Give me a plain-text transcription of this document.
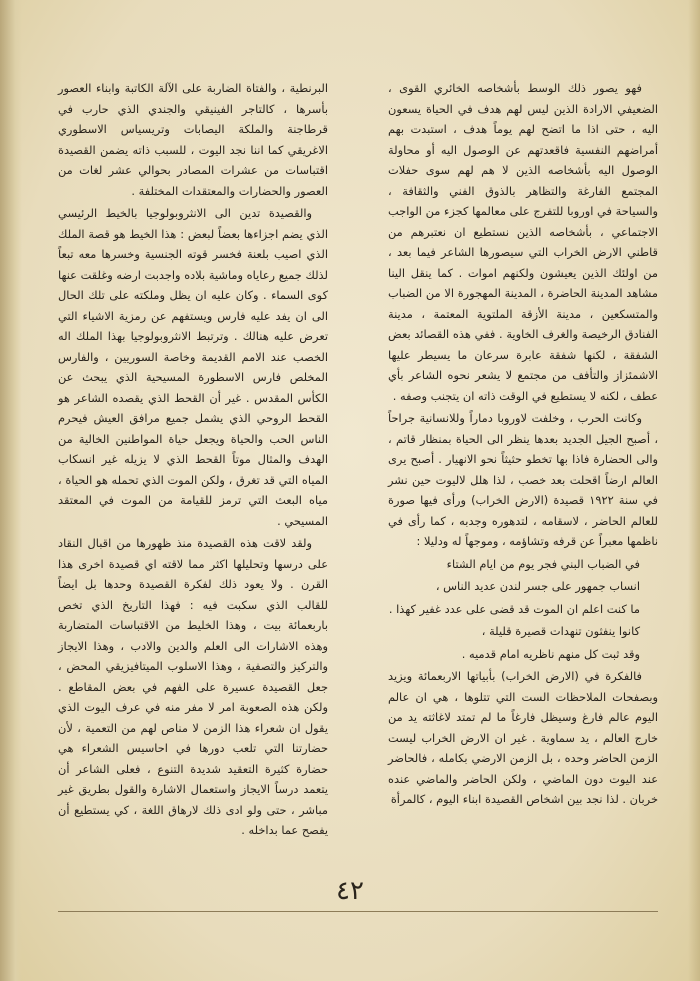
فهو يصور ذلك الوسط بأشخاصه الخائري القوى ، الضعيفي الارادة الذين ليس لهم هدف في الحياة يسعون اليه ، حتى اذا ما اتضح لهم يوماً هدف ، استبدت بهم أمراضهم النفسية فاقعدتهم عن الوصول اليه أو محاولة الوصول اليه بأشخاصه الذين لا هم لهم سوى حفلات المجتمع الفارغة والتظاهر بالذوق الفني والثقافة ، والسياحة في اوروبا للتفرج على معالمها كجزء من الواجب الاجتماعي ، بأشخاصه الذين نستطيع ان نعتبرهم من قاطني الارض الخراب التي سيصورها الشاعر فيما بعد ، من اولئك الذين يعيشون ولكنهم اموات . كما ينقل الينا مشاهد المدينة الحاضرة ، المدينة المهجورة الا من الضباب والمتسكعين ، مدينة الأزقة الملتوية المعتمة ، مدينة الفنادق الرخيصة والغرف الخاوية . ففي هذه القصائد بعض الشفقة ، لكنها شفقة عابرة سرعان ما يسيطر عليها الاشمئزاز والتأفف من مجتمع لا يشعر نحوه الشاعر بأي عطف ، لكنه لا يستطيع في الوقت ذاته ان يتجنب وصفه .

وكانت الحرب ، وخلفت لاوروبا دماراً وللانسانية جراحاً ، أصبح الجيل الجديد بعدها ينظر الى الحياة بمنظار قاتم ، والى الحضارة فاذا بها تخطو حثيثاً نحو الانهيار . أصبح يرى العالم ارضاً اقحلت بعد خصب ، لذا هلل لاليوت حين نشر في سنة ١٩٢٢ قصيدة (الارض الخراب) ورأى فيها صورة للعالم الحاضر ، لاسقامه ، لتدهوره وجدبه ، كما رأى في ناظمها معبراً عن قرفه وتشاؤمه ، وموجهاً له ودليلا :

في الضباب البني فجر يوم من ايام الشتاء

انساب جمهور على جسر لندن عديد الناس ،

ما كنت اعلم ان الموت قد قضى على عدد غفير كهذا .

كانوا ينفثون تنهدات قصيرة قليلة ،

وقد ثبت كل منهم ناظريه امام قدميه .

فالفكرة في (الارض الخراب) بأبياتها الاربعمائة ويزيد وبصفحات الملاحظات الست التي تتلوها ، هي ان عالم اليوم عالم فارغ وسيظل فارغاً ما لم تمتد لاغاثته يد من خارج العالم ، يد سماوية . غير ان الارض الخراب ليست الزمن الحاضر وحده ، بل الزمن الارضي بكامله ، فالحاضر عند اليوت دون الماضي ، ولكن الحاضر والماضي عنده خربان . لذا نجد بين اشخاص القصيدة ابناء اليوم ، كالمرأة

البرنطية ، والفتاة الضاربة على الآلة الكاتبة وابناء العصور بأسرها ، كالتاجر الفينيقي والجندي الذي حارب في قرطاجنة والملكة اليصابات وتريسياس الاسطوري الاغريقي كما اننا نجد اليوت ، للسبب ذاته يضمن القصيدة اقتباسات من عشرات المصادر بحوالي عشر لغات من العصور والحضارات والمعتقدات المختلفة .

والقصيدة تدين الى الانثروبولوجيا بالخيط الرئيسي الذي يضم اجزاءها بعضاً لبعض : هذا الخيط هو قصة الملك الذي اصيب بلعنة فخسر قوته الجنسية وخسرها معه تبعاً لذلك جميع رعاياه وماشية بلاده واجدبت ارضه وغلقت عنها كوى السماء . وكان عليه ان يظل وملكته على تلك الحال الى ان يفد عليه فارس ويستفهم عن رمزية الاشياء التي تعرض عليه هنالك . وترتبط الانثروبولوجيا بهذا الملك اله الخصب عند الامم القديمة وخاصة السوريين ، والفارس المخلص فارس الاسطورة المسيحية الذي يبحث عن الكأس المقدس . غير أن القحط الذي يقصده الشاعر هو القحط الروحي الذي يشمل جميع مرافق العيش فيحرم الناس الحب والحياة ويجعل حياة المواطنين الخالية من الهدف والمثال موتاً القحط الذي لا يزيله غير انسكاب المياه التي قد تغرق ، ولكن الموت الذي تحمله هو الحياة ، مياه البعث التي ترمز للقيامة من الموت في المعتقد المسيحي .

ولقد لاقت هذه القصيدة منذ ظهورها من اقبال النقاد على درسها وتحليلها اكثر مما لاقته اي قصيدة اخرى هذا القرن . ولا يعود ذلك لفكرة القصيدة وحدها بل ايضاً للقالب الذي سكبت فيه : فهذا التاريخ الذي تخص باربعمائة بيت ، وهذا الخليط من الاقتباسات المتضاربة وهذه الاشارات الى العلم والدين والادب ، وهذا الايجاز والتركيز والتصفية ، وهذا الاسلوب الميتافيزيقي المحض ، جعل القصيدة عسيرة على الفهم في بعض المقاطع . ولكن هذه الصعوبة امر لا مفر منه في عرف اليوت الذي يقول ان شعراء هذا الزمن لا مناص لهم من التعمية ، لأن حضارتنا التي تلعب دورها في احاسيس الشعراء هي حضارة كثيرة التعقيد شديدة التنوع ، فعلى الشاعر أن يتعمد درساً الايجاز واستعمال الاشارة والقول بطريق غير مباشر ، حتى ولو ادى ذلك لارهاق اللغة ، كي يستطيع أن يفصح عما بداخله .

٤٢
